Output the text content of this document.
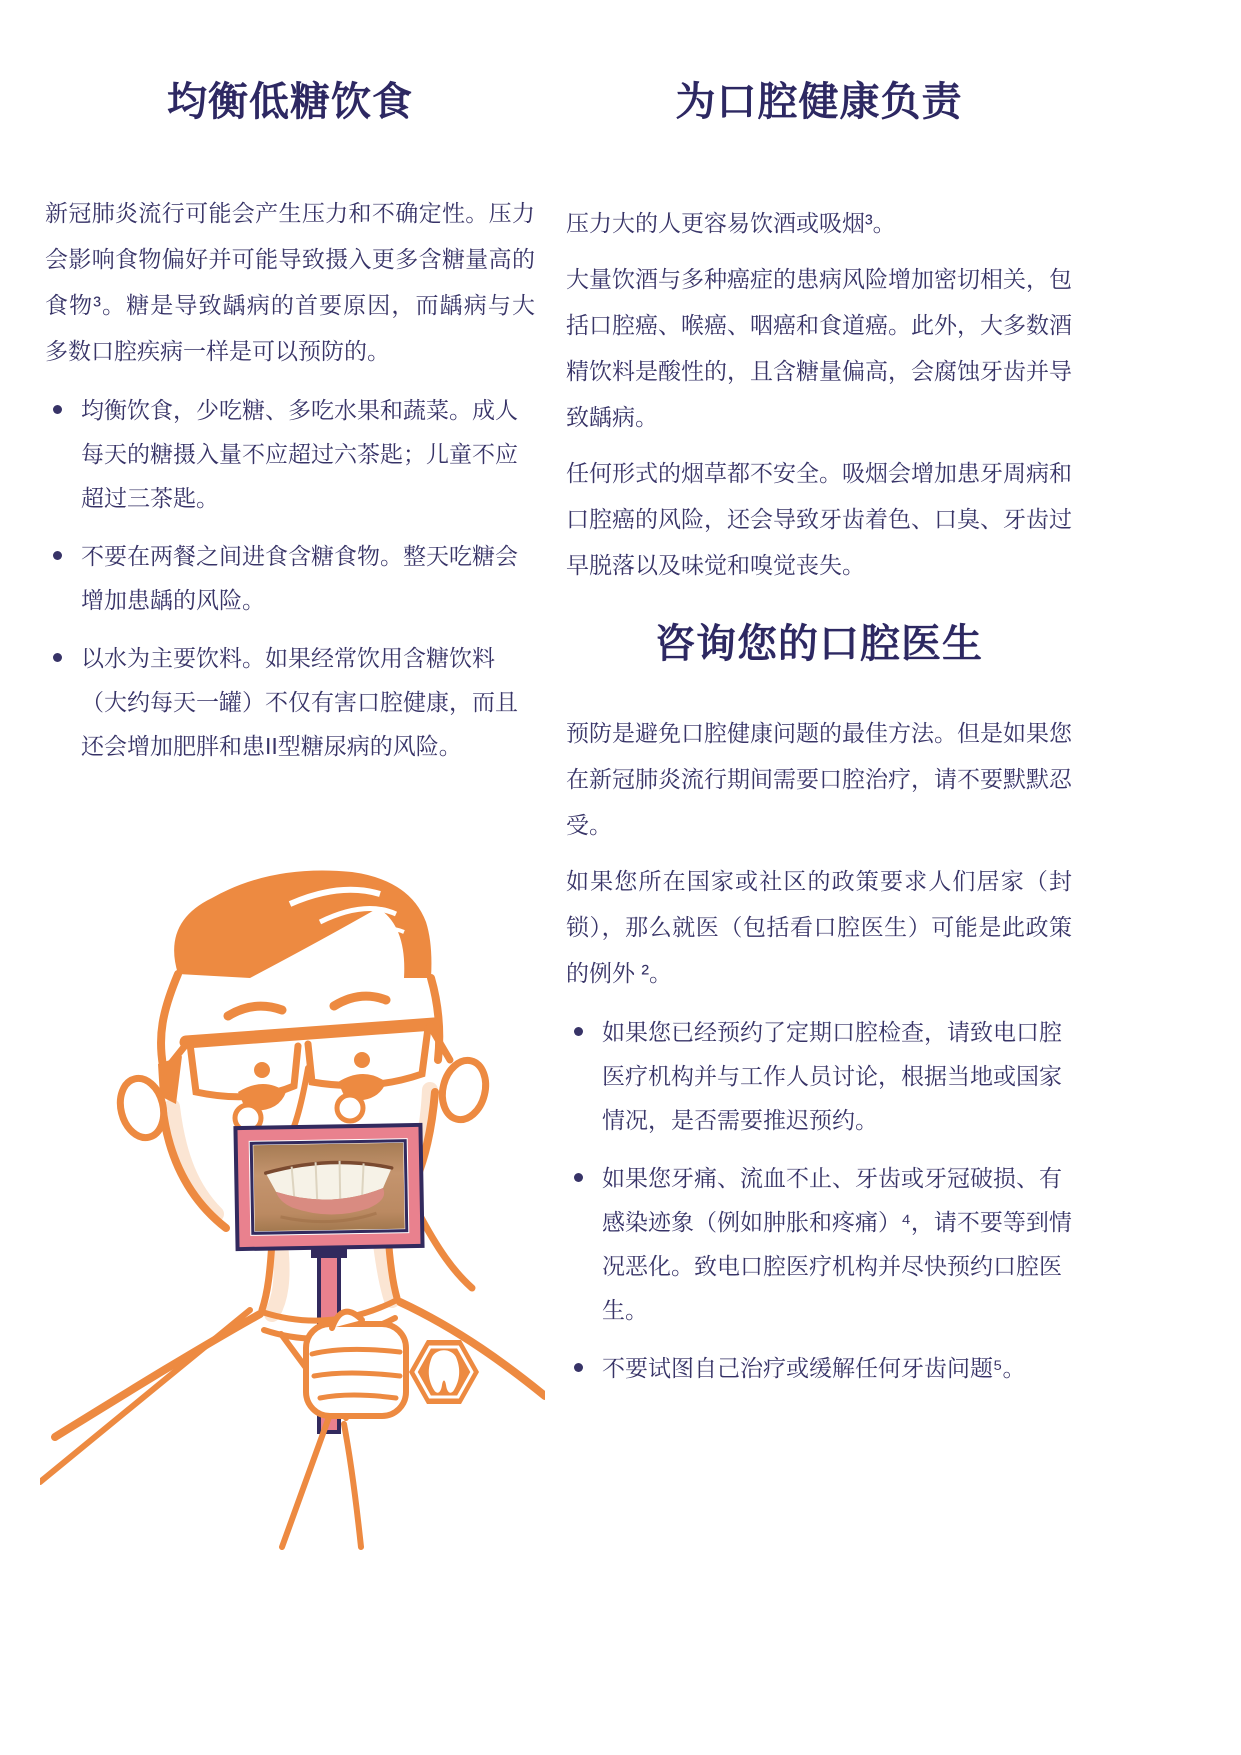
均衡低糖饮食

新冠肺炎流行可能会产生压力和不确定性。压力会影响食物偏好并可能导致摄入更多含糖量高的食物³。糖是导致龋病的首要原因，而龋病与大多数口腔疾病一样是可以预防的。

均衡饮食，少吃糖、多吃水果和蔬菜。成人每天的糖摄入量不应超过六茶匙；儿童不应超过三茶匙。
不要在两餐之间进食含糖食物。整天吃糖会增加患龋的风险。
以水为主要饮料。如果经常饮用含糖饮料（大约每天一罐）不仅有害口腔健康，而且还会增加肥胖和患II型糖尿病的风险。
为口腔健康负责

压力大的人更容易饮酒或吸烟³。

大量饮酒与多种癌症的患病风险增加密切相关，包括口腔癌、喉癌、咽癌和食道癌。此外，大多数酒精饮料是酸性的，且含糖量偏高，会腐蚀牙齿并导致龋病。

任何形式的烟草都不安全。吸烟会增加患牙周病和口腔癌的风险，还会导致牙齿着色、口臭、牙齿过早脱落以及味觉和嗅觉丧失。

咨询您的口腔医生

预防是避免口腔健康问题的最佳方法。但是如果您在新冠肺炎流行期间需要口腔治疗，请不要默默忍受。

如果您所在国家或社区的政策要求人们居家（封锁），那么就医（包括看口腔医生）可能是此政策的例外 ²。

如果您已经预约了定期口腔检查，请致电口腔医疗机构并与工作人员讨论，根据当地或国家情况，是否需要推迟预约。
如果您牙痛、流血不止、牙齿或牙冠破损、有感染迹象（例如肿胀和疼痛）⁴，请不要等到情况恶化。致电口腔医疗机构并尽快预约口腔医生。
不要试图自己治疗或缓解任何牙齿问题⁵。
